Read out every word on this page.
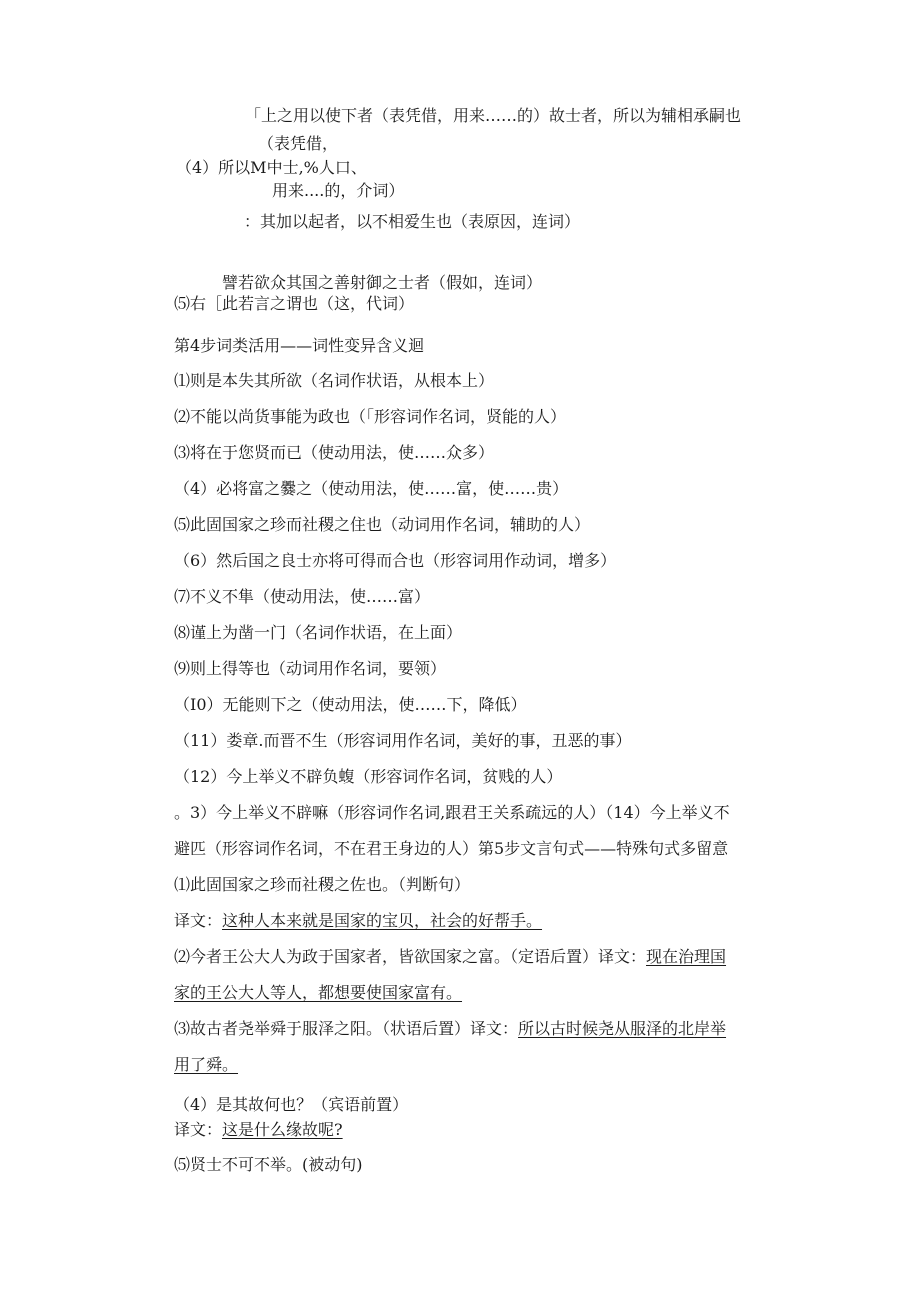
「上之用以使下者（表凭借，用来……的）故士者，所以为辅相承嗣也
（表凭借，
（4）所以M中士,%人口、
用来....的，介词）
：其加以起者，以不相爱生也（表原因，连词）
譬若欲众其国之善射御之士者（假如，连词）
⑸右［此若言之谓也（这，代词）
第4步词类活用——词性变异含义迴
⑴则是本失其所欲（名词作状语，从根本上）
⑵不能以尚货事能为政也（「形容词作名词，贤能的人）
⑶将在于您贤而已（使动用法，使……众多）
（4）必将富之爨之（使动用法，使……富，使……贵）
⑸此固国家之珍而社稷之住也（动词用作名词，辅助的人）
（6）然后国之良士亦将可得而合也（形容词用作动词，增多）
⑺不义不隼（使动用法，使……富）
⑻谨上为凿一门（名词作状语，在上面）
⑼则上得等也（动词用作名词，要领）
（I0）无能则下之（使动用法，使……下，降低）
（11）娄章.而晋不生（形容词用作名词，美好的事，丑恶的事）
（12）今上举义不辟负蝮（形容词作名词，贫贱的人）
。3）今上举义不辟嘛（形容词作名词,跟君王关系疏远的人）（14）今上举义不
避匹（形容词作名词，不在君王身边的人）第5步文言句式——特殊句式多留意
⑴此固国家之珍而社稷之佐也。（判断句）
译文：这种人本来就是国家的宝贝，社会的好帮手。
⑵今者王公大人为政于国家者，皆欲国家之富。（定语后置）译文：现在治理国
家的王公大人等人，都想要使国家富有。
⑶故古者尧举舜于服泽之阳。（状语后置）译文：所以古时候尧从服泽的北岸举
用了舜。
（4）是其故何也？（宾语前置）
译文：这是什么缘故呢?
⑸贤士不可不举。(被动句)
